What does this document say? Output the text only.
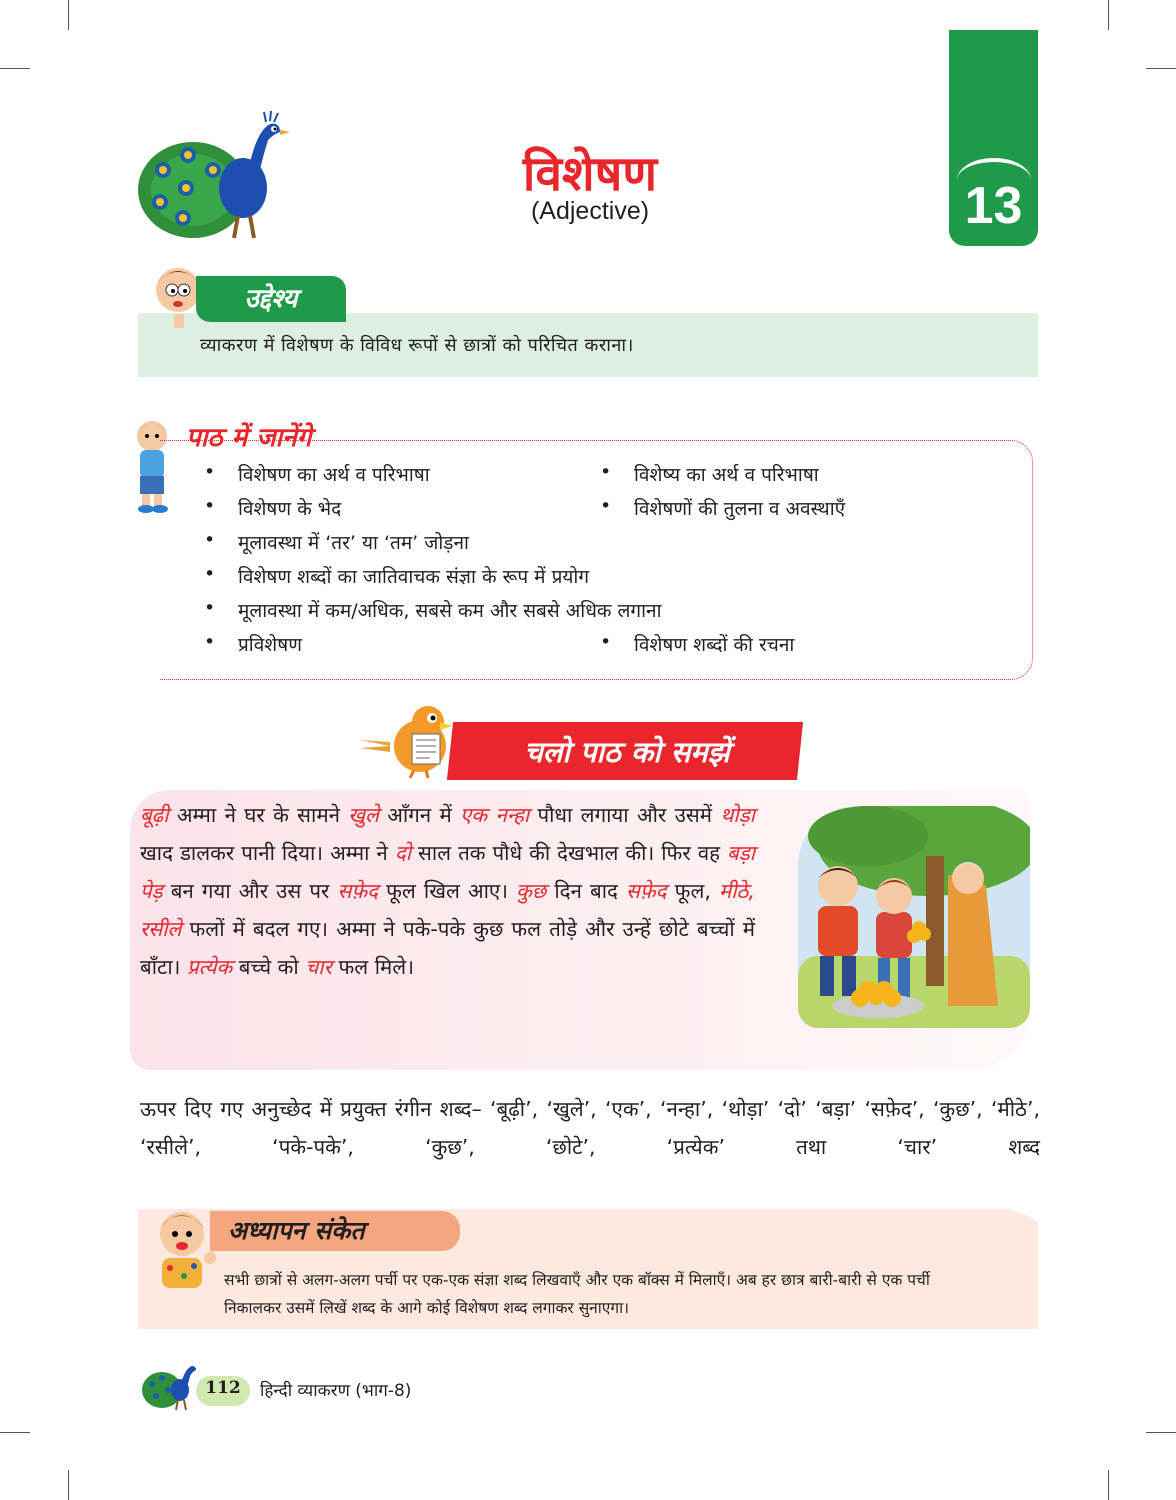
13
विशेषण
(Adjective)
उद्देश्य
व्याकरण में विशेषण के विविध रूपों से छात्रों को परिचित कराना।
पाठ में जानेंगे
• विशेषण का अर्थ व परिभाषा	• विशेष्य का अर्थ व परिभाषा
• विशेषण के भेद	• विशेषणों की तुलना व अवस्थाएँ
• मूलावस्था में ‘तर’ या ‘तम’ जोड़ना
• विशेषण शब्दों का जातिवाचक संज्ञा के रूप में प्रयोग
• मूलावस्था में कम/अधिक, सबसे कम और सबसे अधिक लगाना
• प्रविशेषण	• विशेषण शब्दों की रचना
चलो पाठ को समझें
बूढ़ी अम्मा ने घर के सामने खुले आँगन में एक नन्हा पौधा लगाया और उसमें थोड़ा खाद डालकर पानी दिया। अम्मा ने दो साल तक पौधे की देखभाल की। फिर वह बड़ा पेड़ बन गया और उस पर सफ़ेद फूल खिल आए। कुछ दिन बाद सफ़ेद फूल, मीठे, रसीले फलों में बदल गए। अम्मा ने पके-पके कुछ फल तोड़े और उन्हें छोटे बच्चों में बाँटा। प्रत्येक बच्चे को चार फल मिले।
ऊपर दिए गए अनुच्छेद में प्रयुक्त रंगीन शब्द– ‘बूढ़ी’, ‘खुले’, ‘एक’, ‘नन्हा’, ‘थोड़ा’ ‘दो’ ‘बड़ा’ ‘सफ़ेद’, ‘कुछ’, ‘मीठे’, ‘रसीले’, ‘पके-पके’, ‘कुछ’, ‘छोटे’, ‘प्रत्येक’ तथा ‘चार’ शब्द
अध्यापन संकेत
सभी छात्रों से अलग-अलग पर्ची पर एक-एक संज्ञा शब्द लिखवाएँ और एक बॉक्स में मिलाएँ। अब हर छात्र बारी-बारी से एक पर्ची निकालकर उसमें लिखें शब्द के आगे कोई विशेषण शब्द लगाकर सुनाएगा।
112	हिन्दी व्याकरण (भाग-8)
